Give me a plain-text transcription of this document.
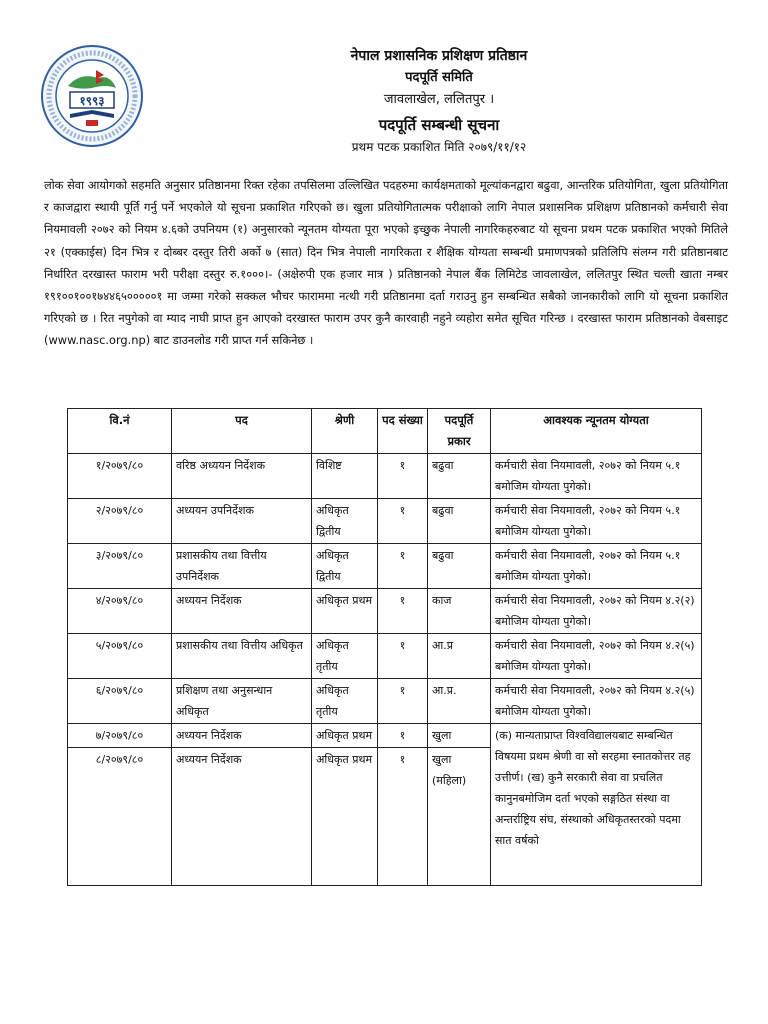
१९९३
नेपाल प्रशासनिक प्रशिक्षण प्रतिष्ठान
पदपूर्ति समिति
जावलाखेल, ललितपुर ।
पदपूर्ति सम्बन्धी सूचना
प्रथम पटक प्रकाशित मिति २०७९/११/१२
लोक सेवा आयोगको सहमति अनुसार प्रतिष्ठानमा रिक्त रहेका तपसिलमा उल्लिखित पदहरुमा कार्यक्षमताको मूल्यांकनद्वारा बढुवा, आन्तरिक प्रतियोगिता, खुला प्रतियोगिता र काजद्वारा स्थायी पूर्ति गर्नु पर्ने भएकोले यो सूचना प्रकाशित गरिएको छ। खुला प्रतियोगितात्मक परीक्षाको लागि नेपाल प्रशासनिक प्रशिक्षण प्रतिष्ठानको कर्मचारी सेवा नियमावली २०७२ को नियम ४.६को उपनियम (१) अनुसारको न्यूनतम योग्यता पूरा भएको इच्छुक नेपाली नागरिकहरुबाट यो सूचना प्रथम पटक प्रकाशित भएको मितिले २१ (एक्काईस) दिन भित्र र दोब्बर दस्तुर तिरी अर्को ७ (सात) दिन भित्र नेपाली नागरिकता र शैक्षिक योग्यता सम्बन्धी प्रमाणपत्रको प्रतिलिपि संलग्न गरी प्रतिष्ठानबाट निर्धारित दरखास्त फाराम भरी परीक्षा दस्तुर रु.१०००।- (अक्षेरुपी एक हजार मात्र ) प्रतिष्ठानको नेपाल बैंक लिमिटेड जावलाखेल, ललितपुर स्थित चल्ती खाता नम्बर १९१००१००१७४४६५०००००१ मा जम्मा गरेको सक्कल भौचर फाराममा नत्थी गरी प्रतिष्ठानमा दर्ता गराउनु हुन सम्बन्धित सबैको जानकारीको लागि यो सूचना प्रकाशित गरिएको छ । रित नपुगेको वा म्याद नाघी प्राप्त हुन आएको दरखास्त फाराम उपर कुनै कारवाही नहुने व्यहोरा समेत सूचित गरिन्छ । दरखास्त फाराम प्रतिष्ठानको वेबसाइट (www.nasc.org.np) बाट डाउनलोड गरी प्राप्त गर्न सकिनेछ ।
वि.नं	पद	श्रेणी	पद संख्या	पदपूर्ति प्रकार	आवश्यक न्यूनतम योग्यता
१/२०७९/८०	वरिष्ठ अध्ययन निर्देशक	विशिष्ट	१	बढुवा	कर्मचारी सेवा नियमावली, २०७२ को नियम ५.१ बमोजिम योग्यता पुगेको।
२/२०७९/८०	अध्ययन उपनिर्देशक	अधिकृत द्वितीय	१	बढुवा	कर्मचारी सेवा नियमावली, २०७२ को नियम ५.१ बमोजिम योग्यता पुगेको।
३/२०७९/८०	प्रशासकीय तथा वित्तीय उपनिर्देशक	अधिकृत द्वितीय	१	बढुवा	कर्मचारी सेवा नियमावली, २०७२ को नियम ५.१ बमोजिम योग्यता पुगेको।
४/२०७९/८०	अध्ययन निर्देशक	अधिकृत प्रथम	१	काज	कर्मचारी सेवा नियमावली, २०७२ को नियम ४.२(२) बमोजिम योग्यता पुगेको।
५/२०७९/८०	प्रशासकीय तथा वित्तीय अधिकृत	अधिकृत तृतीय	१	आ.प्र	कर्मचारी सेवा नियमावली, २०७२ को नियम ४.२(५) बमोजिम योग्यता पुगेको।
६/२०७९/८०	प्रशिक्षण तथा अनुसन्धान अधिकृत	अधिकृत तृतीय	१	आ.प्र.	कर्मचारी सेवा नियमावली, २०७२ को नियम ४.२(५) बमोजिम योग्यता पुगेको।
७/२०७९/८०	अध्ययन निर्देशक	अधिकृत प्रथम	१	खुला	(क) मान्यताप्राप्त विश्वविद्यालयबाट सम्बन्धित विषयमा प्रथम श्रेणी वा सो सरहमा स्नातकोत्तर तह उत्तीर्ण। (ख) कुनै सरकारी सेवा वा प्रचलित कानुनबमोजिम दर्ता भएको सङ्गठित संस्था वा अन्तर्राष्ट्रिय संघ, संस्थाको अधिकृतस्तरको पदमा सात वर्षको
८/२०७९/८०	अध्ययन निर्देशक	अधिकृत प्रथम	१	खुला (महिला)	
